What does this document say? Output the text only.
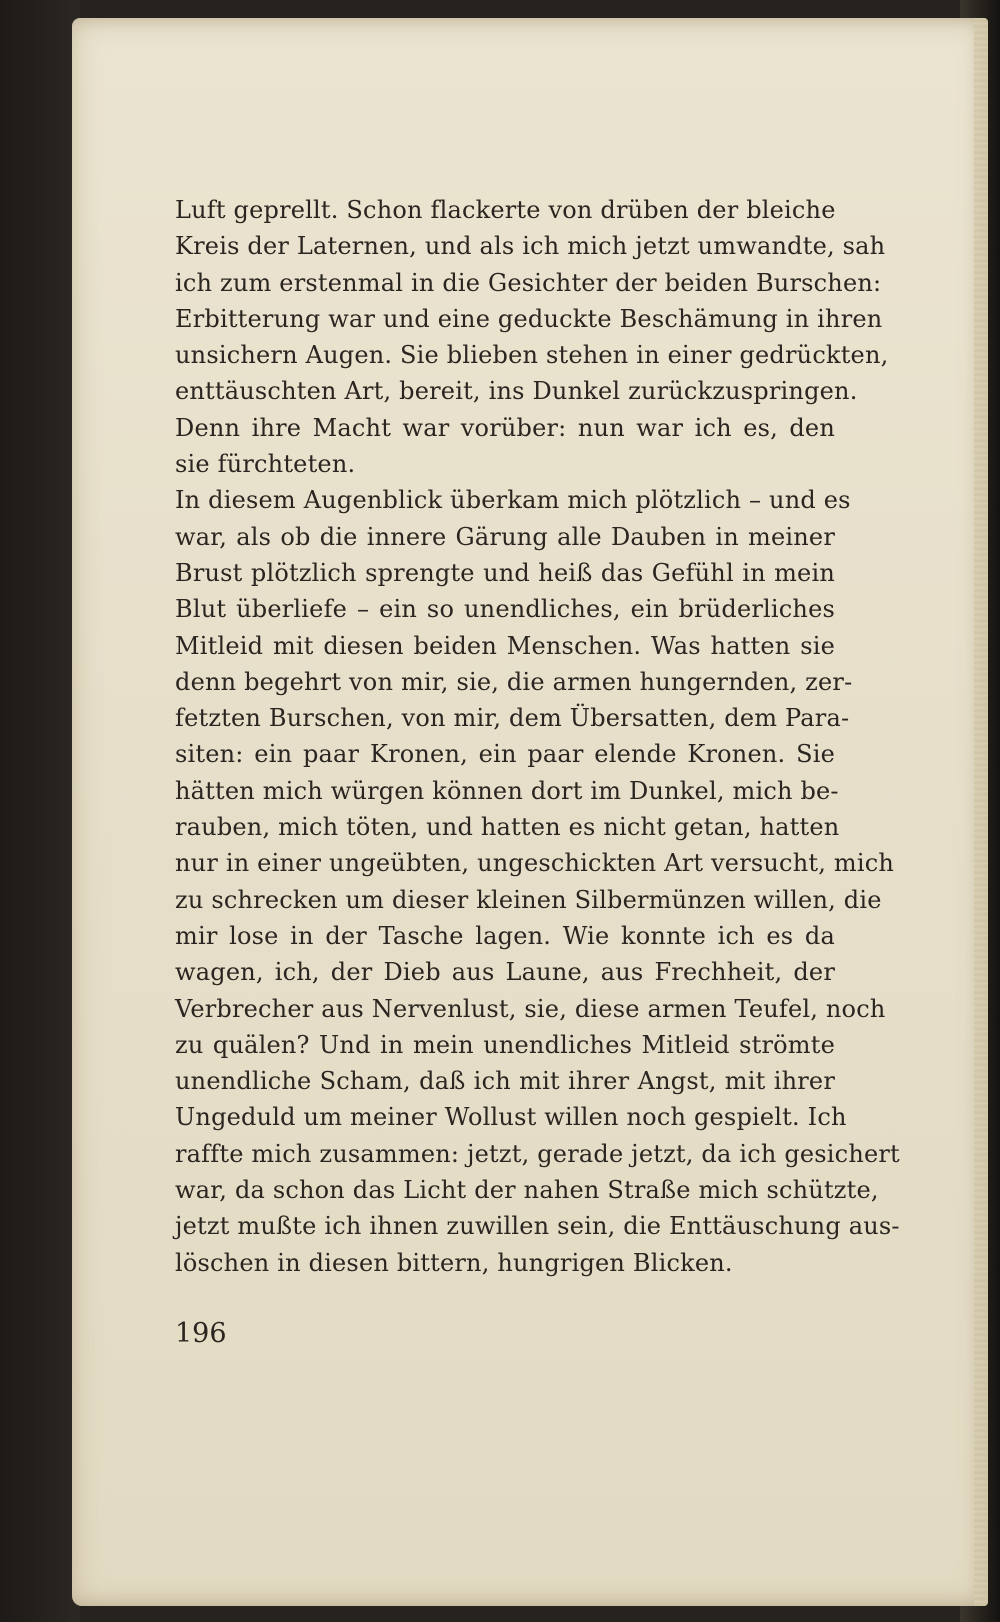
Luft geprellt. Schon flackerte von drüben der bleiche
Kreis der Laternen, und als ich mich jetzt umwandte, sah
ich zum erstenmal in die Gesichter der beiden Burschen:
Erbitterung war und eine geduckte Beschämung in ihren
unsichern Augen. Sie blieben stehen in einer gedrückten,
enttäuschten Art, bereit, ins Dunkel zurückzuspringen.
Denn ihre Macht war vorüber: nun war ich es, den
sie fürchteten.
In diesem Augenblick überkam mich plötzlich – und es
war, als ob die innere Gärung alle Dauben in meiner
Brust plötzlich sprengte und heiß das Gefühl in mein
Blut überliefe – ein so unendliches, ein brüderliches
Mitleid mit diesen beiden Menschen. Was hatten sie
denn begehrt von mir, sie, die armen hungernden, zer-
fetzten Burschen, von mir, dem Übersatten, dem Para-
siten: ein paar Kronen, ein paar elende Kronen. Sie
hätten mich würgen können dort im Dunkel, mich be-
rauben, mich töten, und hatten es nicht getan, hatten
nur in einer ungeübten, ungeschickten Art versucht, mich
zu schrecken um dieser kleinen Silbermünzen willen, die
mir lose in der Tasche lagen. Wie konnte ich es da
wagen, ich, der Dieb aus Laune, aus Frechheit, der
Verbrecher aus Nervenlust, sie, diese armen Teufel, noch
zu quälen? Und in mein unendliches Mitleid strömte
unendliche Scham, daß ich mit ihrer Angst, mit ihrer
Ungeduld um meiner Wollust willen noch gespielt. Ich
raffte mich zusammen: jetzt, gerade jetzt, da ich gesichert
war, da schon das Licht der nahen Straße mich schützte,
jetzt mußte ich ihnen zuwillen sein, die Enttäuschung aus-
löschen in diesen bittern, hungrigen Blicken.
196
